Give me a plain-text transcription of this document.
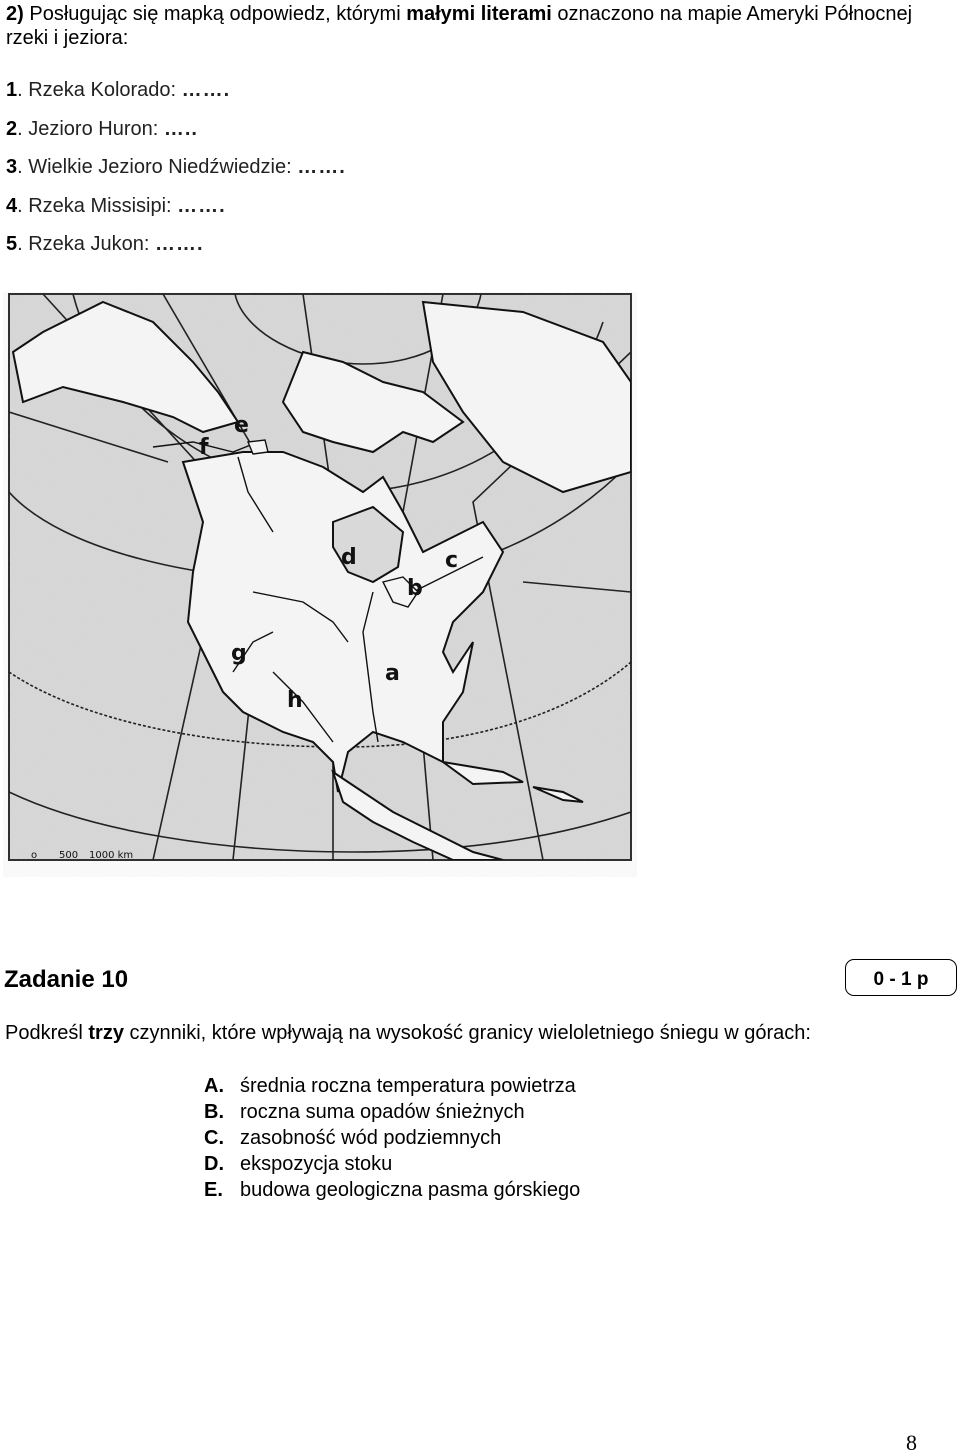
2) Posługując się mapką odpowiedz, którymi małymi literami oznaczono na mapie Ameryki Północnej rzeki i jeziora:
1. Rzeka Kolorado: …….
2. Jezioro Huron: …..
3. Wielkie Jezioro Niedźwiedzie: …….
4. Rzeka Missisipi: …….
5. Rzeka Jukon: …….
a
b
c
d
e
f
g
h
o 500 1000 km
Zadanie 10	0 - 1 p
Podkreśl trzy czynniki, które wpływają na wysokość granicy wieloletniego śniegu w górach:
A. średnia roczna temperatura powietrza
B. roczna suma opadów śnieżnych
C. zasobność wód podziemnych
D. ekspozycja stoku
E. budowa geologiczna pasma górskiego
8
